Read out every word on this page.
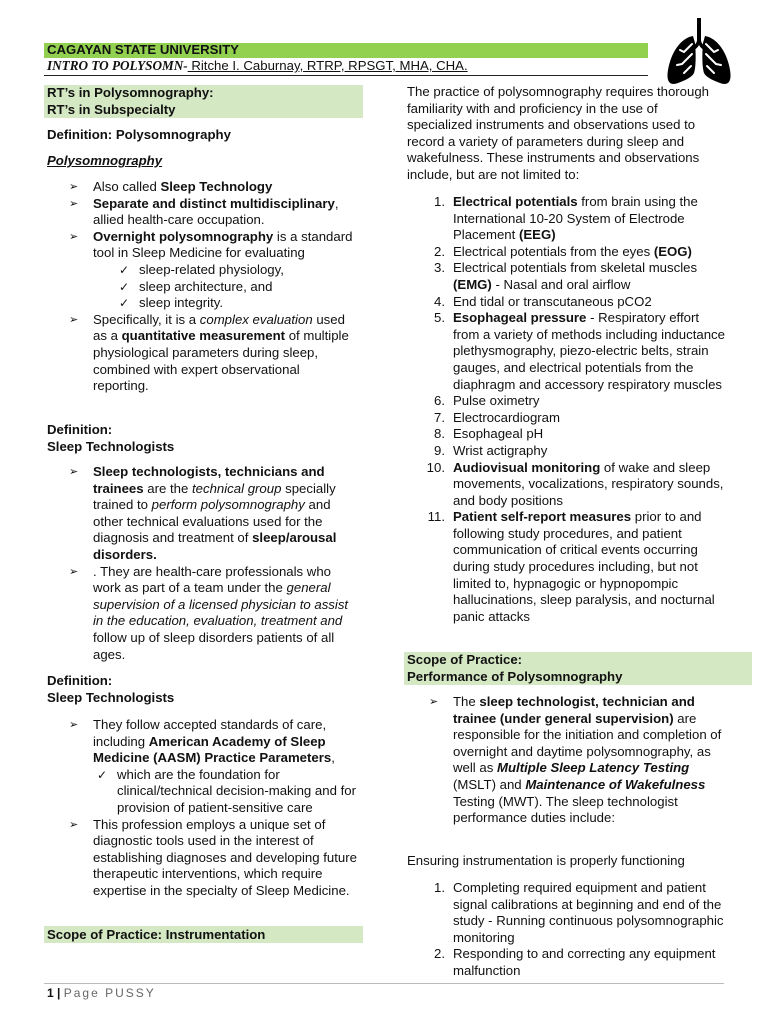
CAGAYAN STATE UNIVERSITY
INTRO TO POLYSOMN- Ritche I. Caburnay, RTRP, RPSGT, MHA, CHA.
RT’s in Polysomnography:
RT’s in Subspecialty
Definition: Polysomnography
Polysomnography
➢ Also called Sleep Technology
➢ Separate and distinct multidisciplinary, allied health-care occupation.
➢ Overnight polysomnography is a standard tool in Sleep Medicine for evaluating
✓ sleep-related physiology,
✓ sleep architecture, and
✓ sleep integrity.
➢ Specifically, it is a complex evaluation used as a quantitative measurement of multiple physiological parameters during sleep, combined with expert observational reporting.
Definition:
Sleep Technologists
➢ Sleep technologists, technicians and trainees are the technical group specially trained to perform polysomnography and other technical evaluations used for the diagnosis and treatment of sleep/arousal disorders.
➢ . They are health-care professionals who work as part of a team under the general supervision of a licensed physician to assist in the education, evaluation, treatment and follow up of sleep disorders patients of all ages.
Definition:
Sleep Technologists
➢ They follow accepted standards of care, including American Academy of Sleep Medicine (AASM) Practice Parameters,
✓ which are the foundation for clinical/technical decision-making and for provision of patient-sensitive care
➢ This profession employs a unique set of diagnostic tools used in the interest of establishing diagnoses and developing future therapeutic interventions, which require expertise in the specialty of Sleep Medicine.
Scope of Practice: Instrumentation
The practice of polysomnography requires thorough familiarity with and proficiency in the use of specialized instruments and observations used to record a variety of parameters during sleep and wakefulness. These instruments and observations include, but are not limited to:
1. Electrical potentials from brain using the International 10-20 System of Electrode Placement (EEG)
2. Electrical potentials from the eyes (EOG)
3. Electrical potentials from skeletal muscles (EMG) - Nasal and oral airflow
4. End tidal or transcutaneous pCO2
5. Esophageal pressure - Respiratory effort from a variety of methods including inductance plethysmography, piezo-electric belts, strain gauges, and electrical potentials from the diaphragm and accessory respiratory muscles
6. Pulse oximetry
7. Electrocardiogram
8. Esophageal pH
9. Wrist actigraphy
10. Audiovisual monitoring of wake and sleep movements, vocalizations, respiratory sounds, and body positions
11. Patient self-report measures prior to and following study procedures, and patient communication of critical events occurring during study procedures including, but not limited to, hypnagogic or hypnopompic hallucinations, sleep paralysis, and nocturnal panic attacks
Scope of Practice:
Performance of Polysomnography
➢ The sleep technologist, technician and trainee (under general supervision) are responsible for the initiation and completion of overnight and daytime polysomnography, as well as Multiple Sleep Latency Testing (MSLT) and Maintenance of Wakefulness Testing (MWT). The sleep technologist performance duties include:
Ensuring instrumentation is properly functioning
1. Completing required equipment and patient signal calibrations at beginning and end of the study - Running continuous polysomnographic monitoring
2. Responding to and correcting any equipment malfunction
1 | Page PUSSY
